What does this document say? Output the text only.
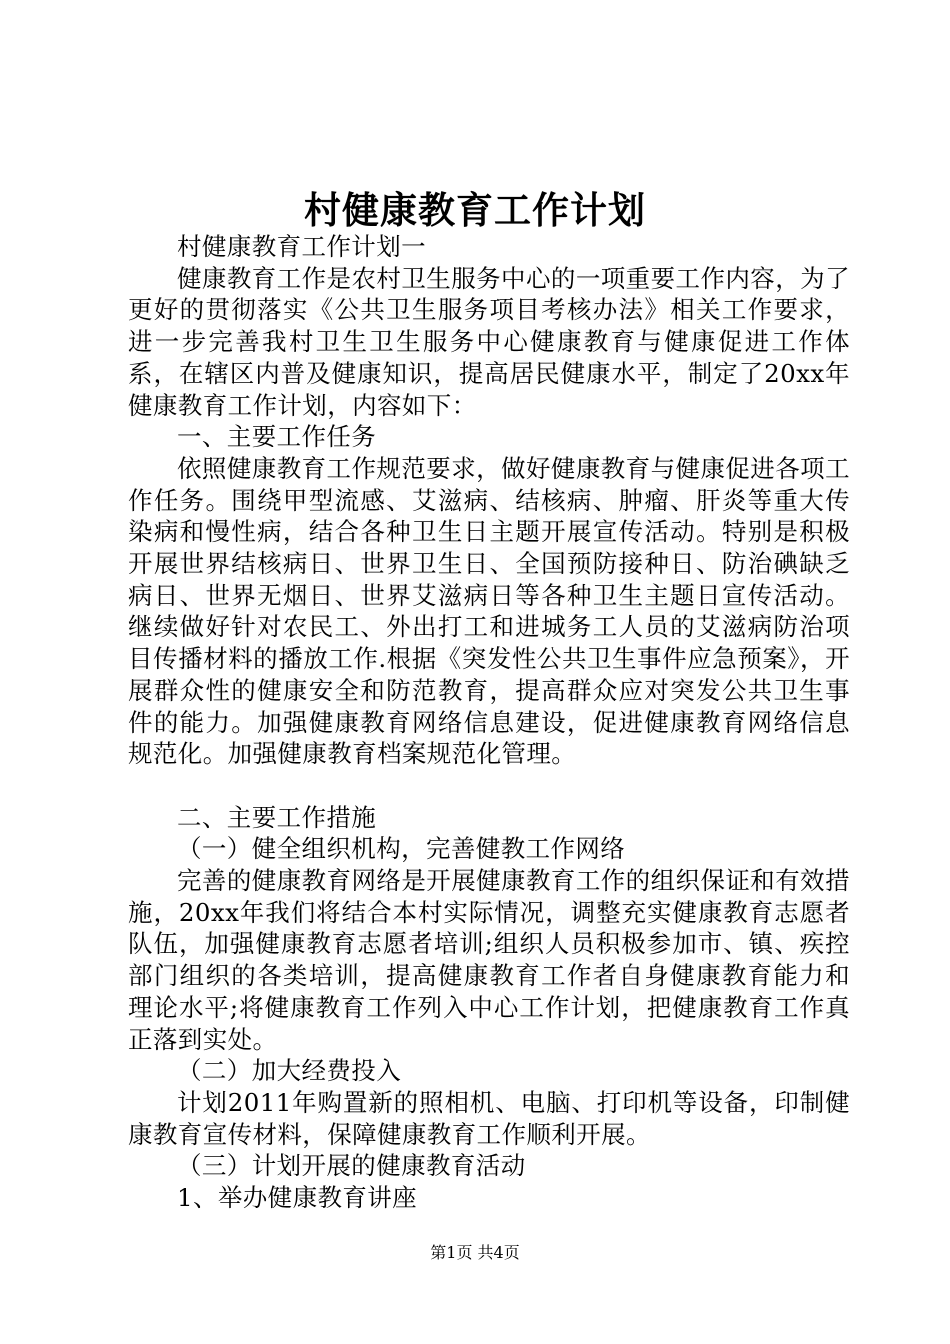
村健康教育工作计划

村健康教育工作计划一

健康教育工作是农村卫生服务中心的一项重要工作内容，为了更好的贯彻落实《公共卫生服务项目考核办法》相关工作要求，进一步完善我村卫生卫生服务中心健康教育与健康促进工作体系，在辖区内普及健康知识，提高居民健康水平，制定了20xx年健康教育工作计划，内容如下：

一、主要工作任务

依照健康教育工作规范要求，做好健康教育与健康促进各项工作任务。围绕甲型流感、艾滋病、结核病、肿瘤、肝炎等重大传染病和慢性病，结合各种卫生日主题开展宣传活动。特别是积极开展世界结核病日、世界卫生日、全国预防接种日、防治碘缺乏病日、世界无烟日、世界艾滋病日等各种卫生主题日宣传活动。继续做好针对农民工、外出打工和进城务工人员的艾滋病防治项目传播材料的播放工作.根据《突发性公共卫生事件应急预案》，开展群众性的健康安全和防范教育，提高群众应对突发公共卫生事件的能力。加强健康教育网络信息建设，促进健康教育网络信息规范化。加强健康教育档案规范化管理。

二、主要工作措施

（一）健全组织机构，完善健教工作网络

完善的健康教育网络是开展健康教育工作的组织保证和有效措施，20xx年我们将结合本村实际情况，调整充实健康教育志愿者队伍，加强健康教育志愿者培训;组织人员积极参加市、镇、疾控部门组织的各类培训，提高健康教育工作者自身健康教育能力和理论水平;将健康教育工作列入中心工作计划，把健康教育工作真正落到实处。

（二）加大经费投入

计划2011年购置新的照相机、电脑、打印机等设备，印制健康教育宣传材料，保障健康教育工作顺利开展。

（三）计划开展的健康教育活动

1、举办健康教育讲座

第1页 共4页
